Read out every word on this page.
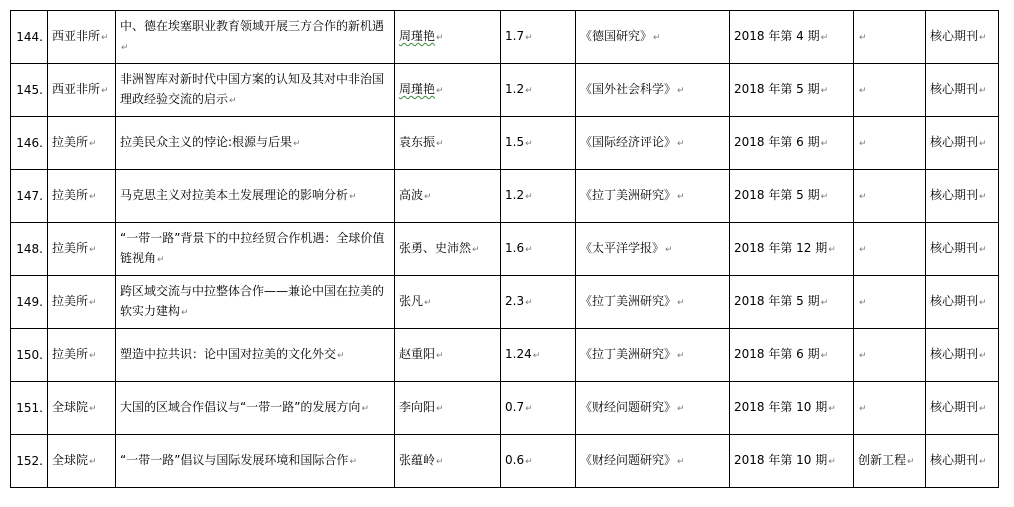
144.	西亚非所↵	中、德在埃塞职业教育领域开展三方合作的新机遇↵	周瑾艳↵	1.7↵	《德国研究》↵	2018 年第 4 期↵	↵	核心期刊↵
145.	西亚非所↵	非洲智库对新时代中国方案的认知及其对中非治国理政经验交流的启示↵	周瑾艳↵	1.2↵	《国外社会科学》↵	2018 年第 5 期↵	↵	核心期刊↵
146.	拉美所↵	拉美民众主义的悖论:根源与后果↵	袁东振↵	1.5↵	《国际经济评论》↵	2018 年第 6 期↵	↵	核心期刊↵
147.	拉美所↵	马克思主义对拉美本土发展理论的影响分析↵	高波↵	1.2↵	《拉丁美洲研究》↵	2018 年第 5 期↵	↵	核心期刊↵
148.	拉美所↵	“一带一路”背景下的中拉经贸合作机遇：全球价值链视角↵	张勇、史沛然↵	1.6↵	《太平洋学报》↵	2018 年第 12 期↵	↵	核心期刊↵
149.	拉美所↵	跨区域交流与中拉整体合作——兼论中国在拉美的软实力建构↵	张凡↵	2.3↵	《拉丁美洲研究》↵	2018 年第 5 期↵	↵	核心期刊↵
150.	拉美所↵	塑造中拉共识：论中国对拉美的文化外交↵	赵重阳↵	1.24↵	《拉丁美洲研究》↵	2018 年第 6 期↵	↵	核心期刊↵
151.	全球院↵	大国的区域合作倡议与“一带一路”的发展方向↵	李向阳↵	0.7↵	《财经问题研究》↵	2018 年第 10 期↵	↵	核心期刊↵
152.	全球院↵	“一带一路”倡议与国际发展环境和国际合作↵	张蕴岭↵	0.6↵	《财经问题研究》↵	2018 年第 10 期↵	创新工程↵	核心期刊↵
